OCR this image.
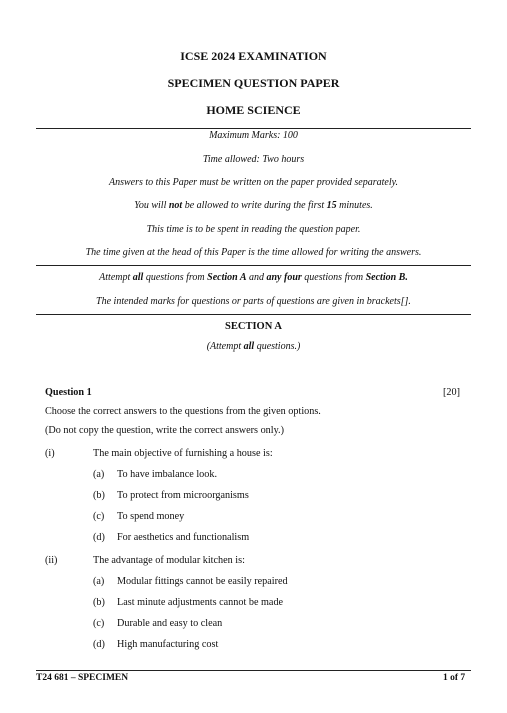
ICSE 2024 EXAMINATION
SPECIMEN QUESTION PAPER
HOME SCIENCE
Maximum Marks: 100
Time allowed: Two hours
Answers to this Paper must be written on the paper provided separately.
You will not be allowed to write during the first 15 minutes.
This time is to be spent in reading the question paper.
The time given at the head of this Paper is the time allowed for writing the answers.
Attempt all questions from Section A and any four questions from Section B.
The intended marks for questions or parts of questions are given in brackets[].
SECTION A
(Attempt all questions.)
Question 1	[20]
Choose the correct answers to the questions from the given options.
(Do not copy the question, write the correct answers only.)
(i)	The main objective of furnishing a house is:
(a) To have imbalance look.
(b) To protect from microorganisms
(c) To spend money
(d) For aesthetics and functionalism
(ii)	The advantage of modular kitchen is:
(a) Modular fittings cannot be easily repaired
(b) Last minute adjustments cannot be made
(c) Durable and easy to clean
(d) High manufacturing cost
T24 681 – SPECIMEN	1 of 7
